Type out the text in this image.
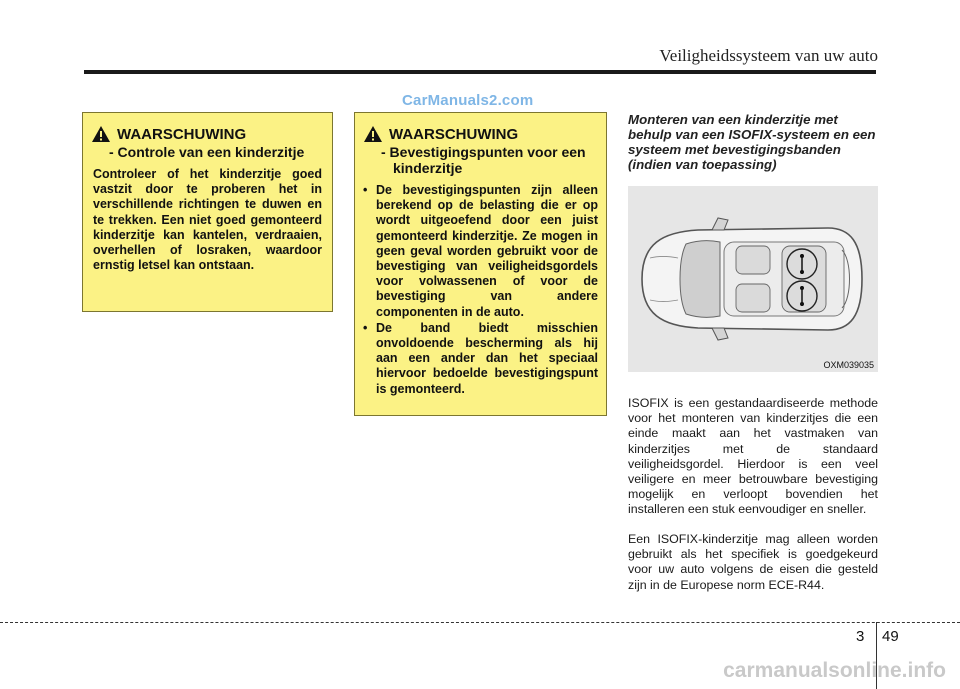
Veiligheidssysteem van uw auto
CarManuals2.com
WAARSCHUWING
- Controle van een kinderzitje
Controleer of het kinderzitje goed vastzit door te proberen het in verschillende richtingen te duwen en te trekken. Een niet goed gemonteerd kinderzitje kan kantelen, verdraaien, overhellen of losraken, waardoor ernstig letsel kan ontstaan.
WAARSCHUWING
- Bevestigingspunten voor een kinderzitje
• De bevestigingspunten zijn alleen berekend op de belasting die er op wordt uitgeoefend door een juist gemonteerd kinderzitje. Ze mogen in geen geval worden gebruikt voor de bevestiging van veiligheidsgordels voor volwassenen of voor de bevestiging van andere componenten in de auto.
• De band biedt misschien onvoldoende bescherming als hij aan een ander dan het speciaal hiervoor bedoelde bevestigingspunt is gemonteerd.
Monteren van een kinderzitje met behulp van een ISOFIX-systeem en een systeem met bevestigingsbanden (indien van toepassing)
OXM039035
ISOFIX is een gestandaardiseerde methode voor het monteren van kinderzitjes die een einde maakt aan het vastmaken van kinderzitjes met de standaard veiligheidsgordel. Hierdoor is een veel veiligere en meer betrouwbare bevestiging mogelijk en verloopt bovendien het installeren een stuk eenvoudiger en sneller.
Een ISOFIX-kinderzitje mag alleen worden gebruikt als het specifiek is goedgekeurd voor uw auto volgens de eisen die gesteld zijn in de Europese norm ECE-R44.
3 49
carmanualsonline.info
